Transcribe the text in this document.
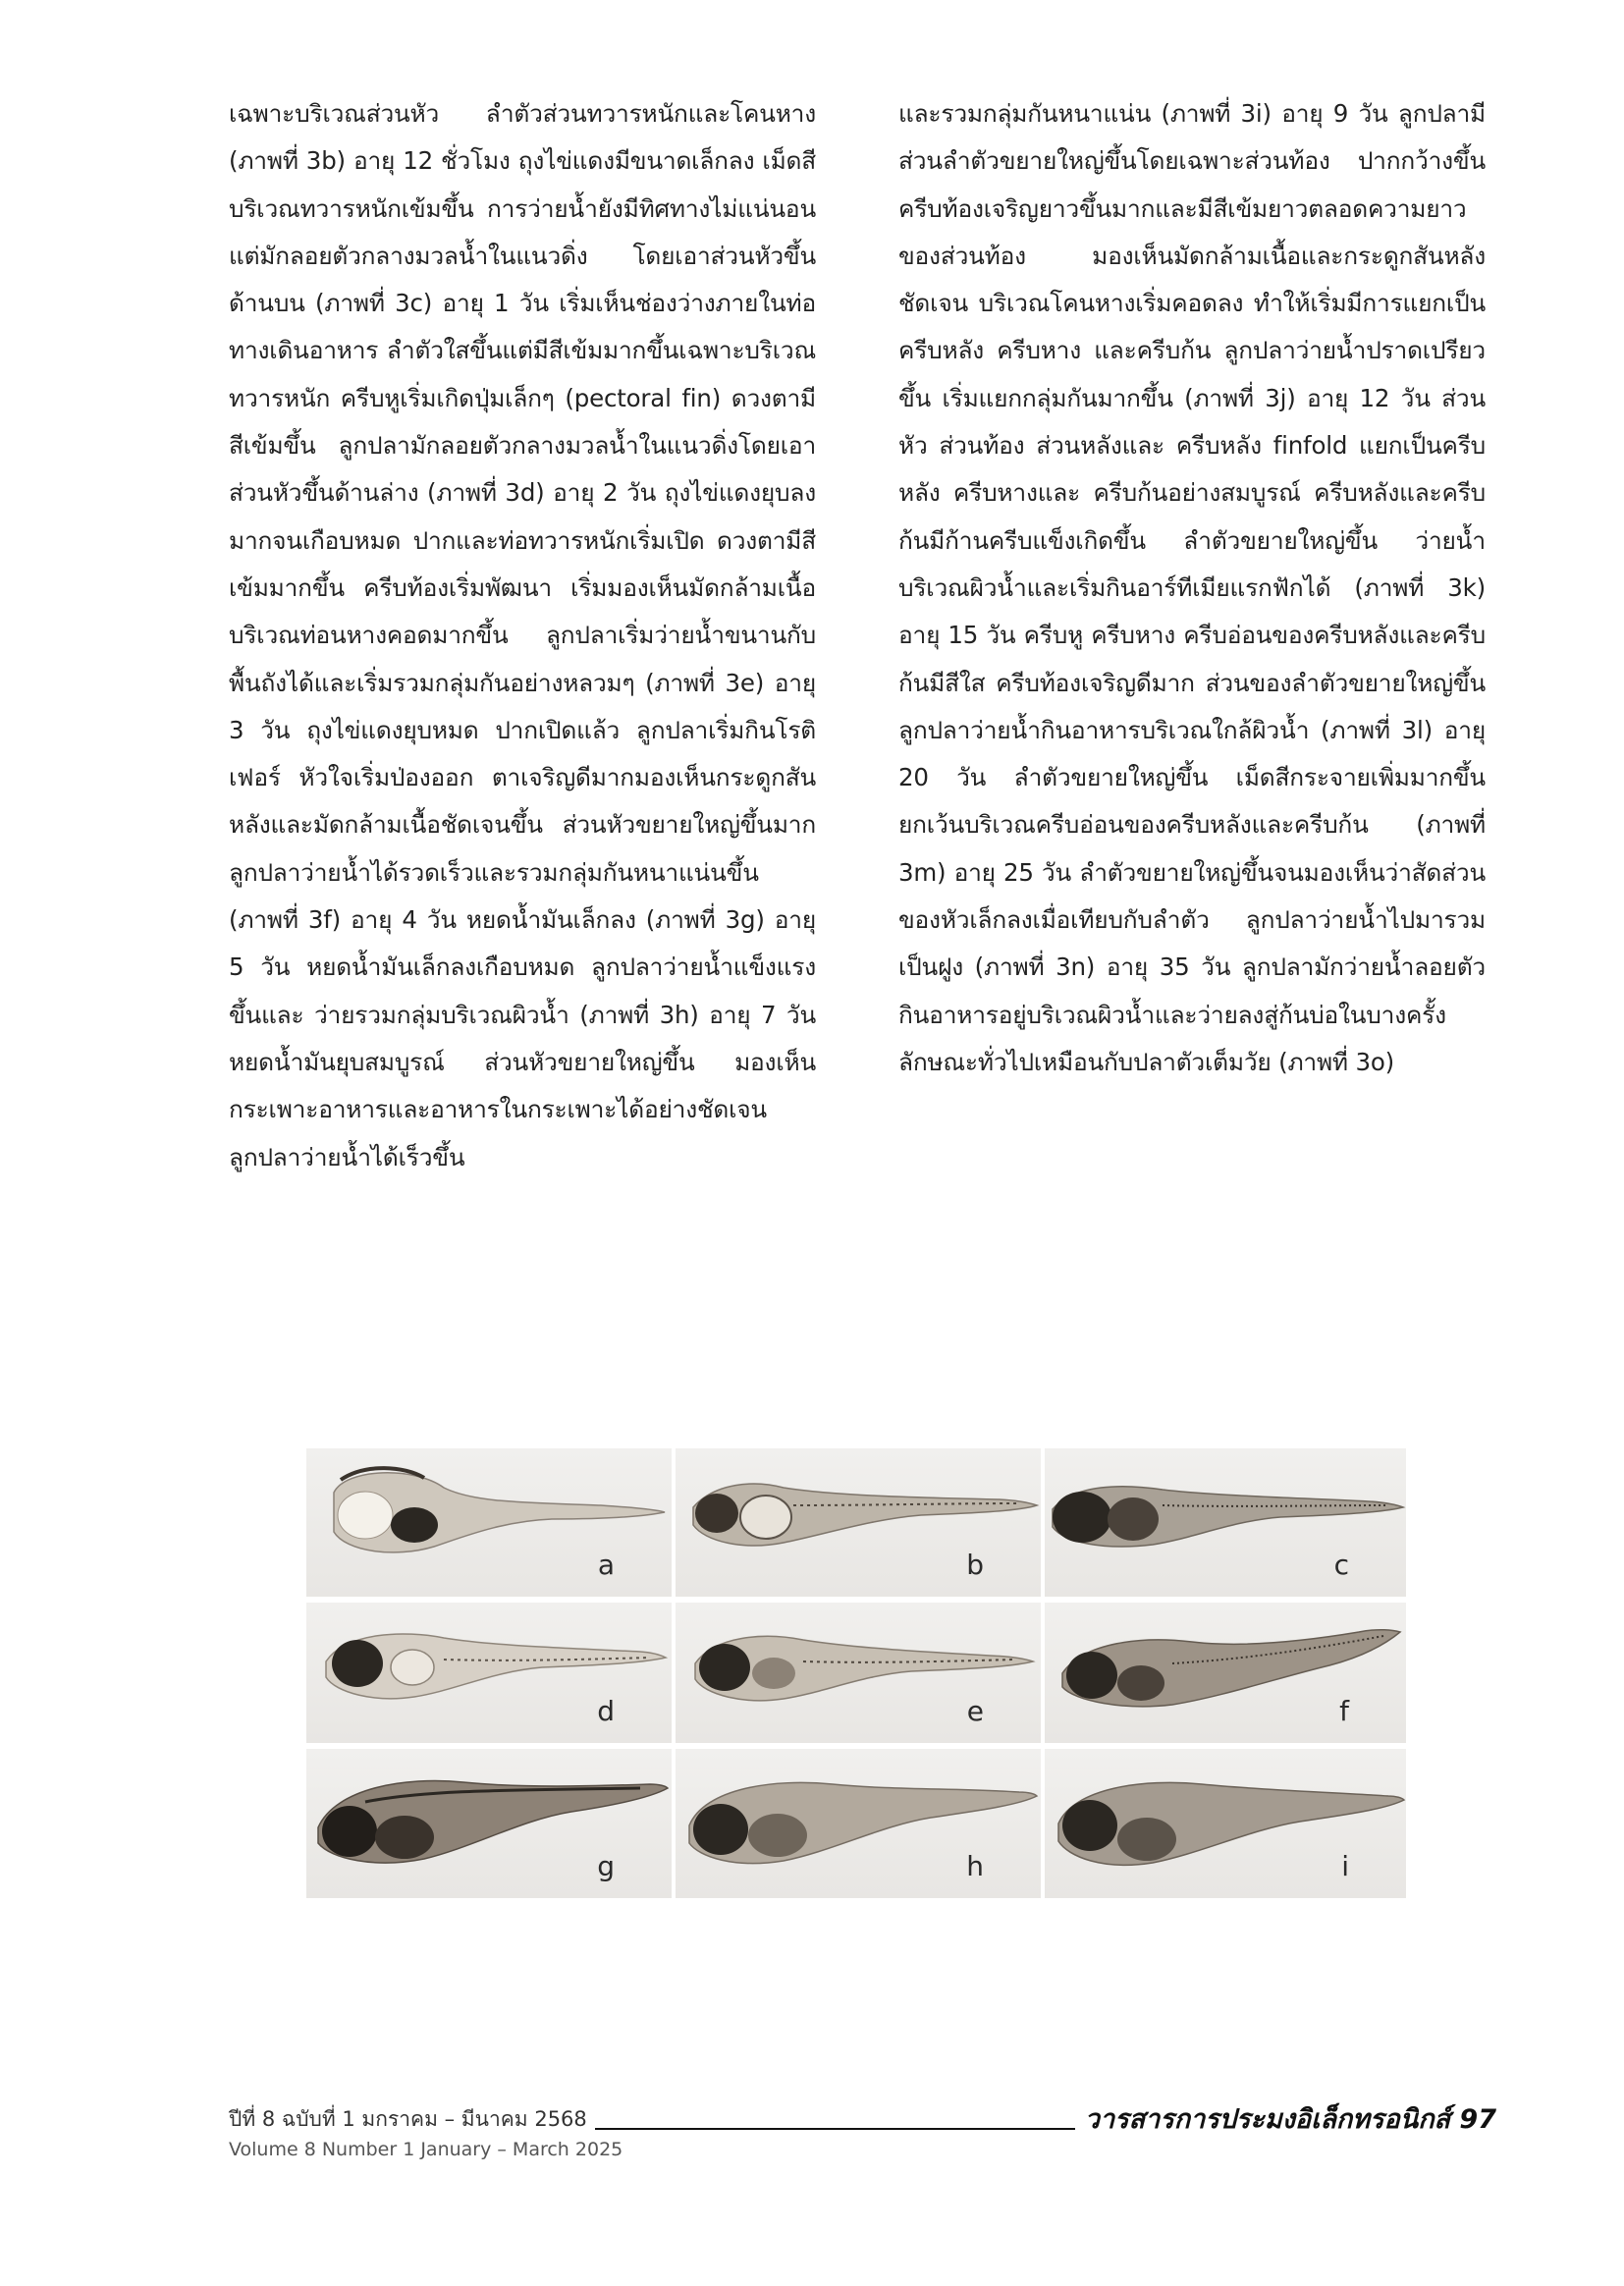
เฉพาะบริเวณส่วนหัว ลำตัวส่วนทวารหนักและโคนหาง (ภาพที่ 3b) อายุ 12 ชั่วโมง ถุงไข่แดงมีขนาดเล็กลง เม็ดสีบริเวณทวารหนักเข้มขึ้น การว่ายน้ำยังมีทิศทางไม่แน่นอนแต่มักลอยตัวกลางมวลน้ำในแนวดิ่ง โดยเอาส่วนหัวขึ้นด้านบน (ภาพที่ 3c) อายุ 1 วัน เริ่มเห็นช่องว่างภายในท่อทางเดินอาหาร ลำตัวใสขึ้นแต่มีสีเข้มมากขึ้นเฉพาะบริเวณทวารหนัก ครีบหูเริ่มเกิดปุ่มเล็กๆ (pectoral fin) ดวงตามีสีเข้มขึ้น ลูกปลามักลอยตัวกลางมวลน้ำในแนวดิ่งโดยเอาส่วนหัวขึ้นด้านล่าง (ภาพที่ 3d) อายุ 2 วัน ถุงไข่แดงยุบลงมากจนเกือบหมด ปากและท่อทวารหนักเริ่มเปิด ดวงตามีสีเข้มมากขึ้น ครีบท้องเริ่มพัฒนา เริ่มมองเห็นมัดกล้ามเนื้อ บริเวณท่อนหางคอดมากขึ้น ลูกปลาเริ่มว่ายน้ำขนานกับพื้นถังได้และเริ่มรวมกลุ่มกันอย่างหลวมๆ (ภาพที่ 3e) อายุ 3 วัน ถุงไข่แดงยุบหมด ปากเปิดแล้ว ลูกปลาเริ่มกินโรติเฟอร์ หัวใจเริ่มป่องออก ตาเจริญดีมากมองเห็นกระดูกสันหลังและมัดกล้ามเนื้อชัดเจนขึ้น ส่วนหัวขยายใหญ่ขึ้นมาก ลูกปลาว่ายน้ำได้รวดเร็วและรวมกลุ่มกันหนาแน่นขึ้น (ภาพที่ 3f) อายุ 4 วัน หยดน้ำมันเล็กลง (ภาพที่ 3g) อายุ 5 วัน หยดน้ำมันเล็กลงเกือบหมด ลูกปลาว่ายน้ำแข็งแรงขึ้นและ ว่ายรวมกลุ่มบริเวณผิวน้ำ (ภาพที่ 3h) อายุ 7 วัน หยดน้ำมันยุบสมบูรณ์ ส่วนหัวขยายใหญ่ขึ้น มองเห็นกระเพาะอาหารและอาหารในกระเพาะได้อย่างชัดเจน ลูกปลาว่ายน้ำได้เร็วขึ้น

และรวมกลุ่มกันหนาแน่น (ภาพที่ 3i) อายุ 9 วัน ลูกปลามีส่วนลำตัวขยายใหญ่ขึ้นโดยเฉพาะส่วนท้อง ปากกว้างขึ้น ครีบท้องเจริญยาวขึ้นมากและมีสีเข้มยาวตลอดความยาวของส่วนท้อง มองเห็นมัดกล้ามเนื้อและกระดูกสันหลังชัดเจน บริเวณโคนหางเริ่มคอดลง ทำให้เริ่มมีการแยกเป็นครีบหลัง ครีบหาง และครีบก้น ลูกปลาว่ายน้ำปราดเปรียวขึ้น เริ่มแยกกลุ่มกันมากขึ้น (ภาพที่ 3j) อายุ 12 วัน ส่วนหัว ส่วนท้อง ส่วนหลังและ ครีบหลัง finfold แยกเป็นครีบหลัง ครีบหางและ ครีบก้นอย่างสมบูรณ์ ครีบหลังและครีบก้นมีก้านครีบแข็งเกิดขึ้น ลำตัวขยายใหญ่ขึ้น ว่ายน้ำบริเวณผิวน้ำและเริ่มกินอาร์ทีเมียแรกฟักได้ (ภาพที่ 3k) อายุ 15 วัน ครีบหู ครีบหาง ครีบอ่อนของครีบหลังและครีบก้นมีสีใส ครีบท้องเจริญดีมาก ส่วนของลำตัวขยายใหญ่ขึ้นลูกปลาว่ายน้ำกินอาหารบริเวณใกล้ผิวน้ำ (ภาพที่ 3l) อายุ 20 วัน ลำตัวขยายใหญ่ขึ้น เม็ดสีกระจายเพิ่มมากขึ้นยกเว้นบริเวณครีบอ่อนของครีบหลังและครีบก้น (ภาพที่ 3m) อายุ 25 วัน ลำตัวขยายใหญ่ขึ้นจนมองเห็นว่าสัดส่วนของหัวเล็กลงเมื่อเทียบกับลำตัว ลูกปลาว่ายน้ำไปมารวมเป็นฝูง (ภาพที่ 3n) อายุ 35 วัน ลูกปลามักว่ายน้ำลอยตัวกินอาหารอยู่บริเวณผิวน้ำและว่ายลงสู่ก้นบ่อในบางครั้ง ลักษณะทั่วไปเหมือนกับปลาตัวเต็มวัย (ภาพที่ 3o)

a	b	c
d	e	f
g	h	i
ปีที่ 8 ฉบับที่ 1 มกราคม – มีนาคม 2568
Volume 8 Number 1 January – March 2025
วารสารการประมงอิเล็กทรอนิกส์ 97
